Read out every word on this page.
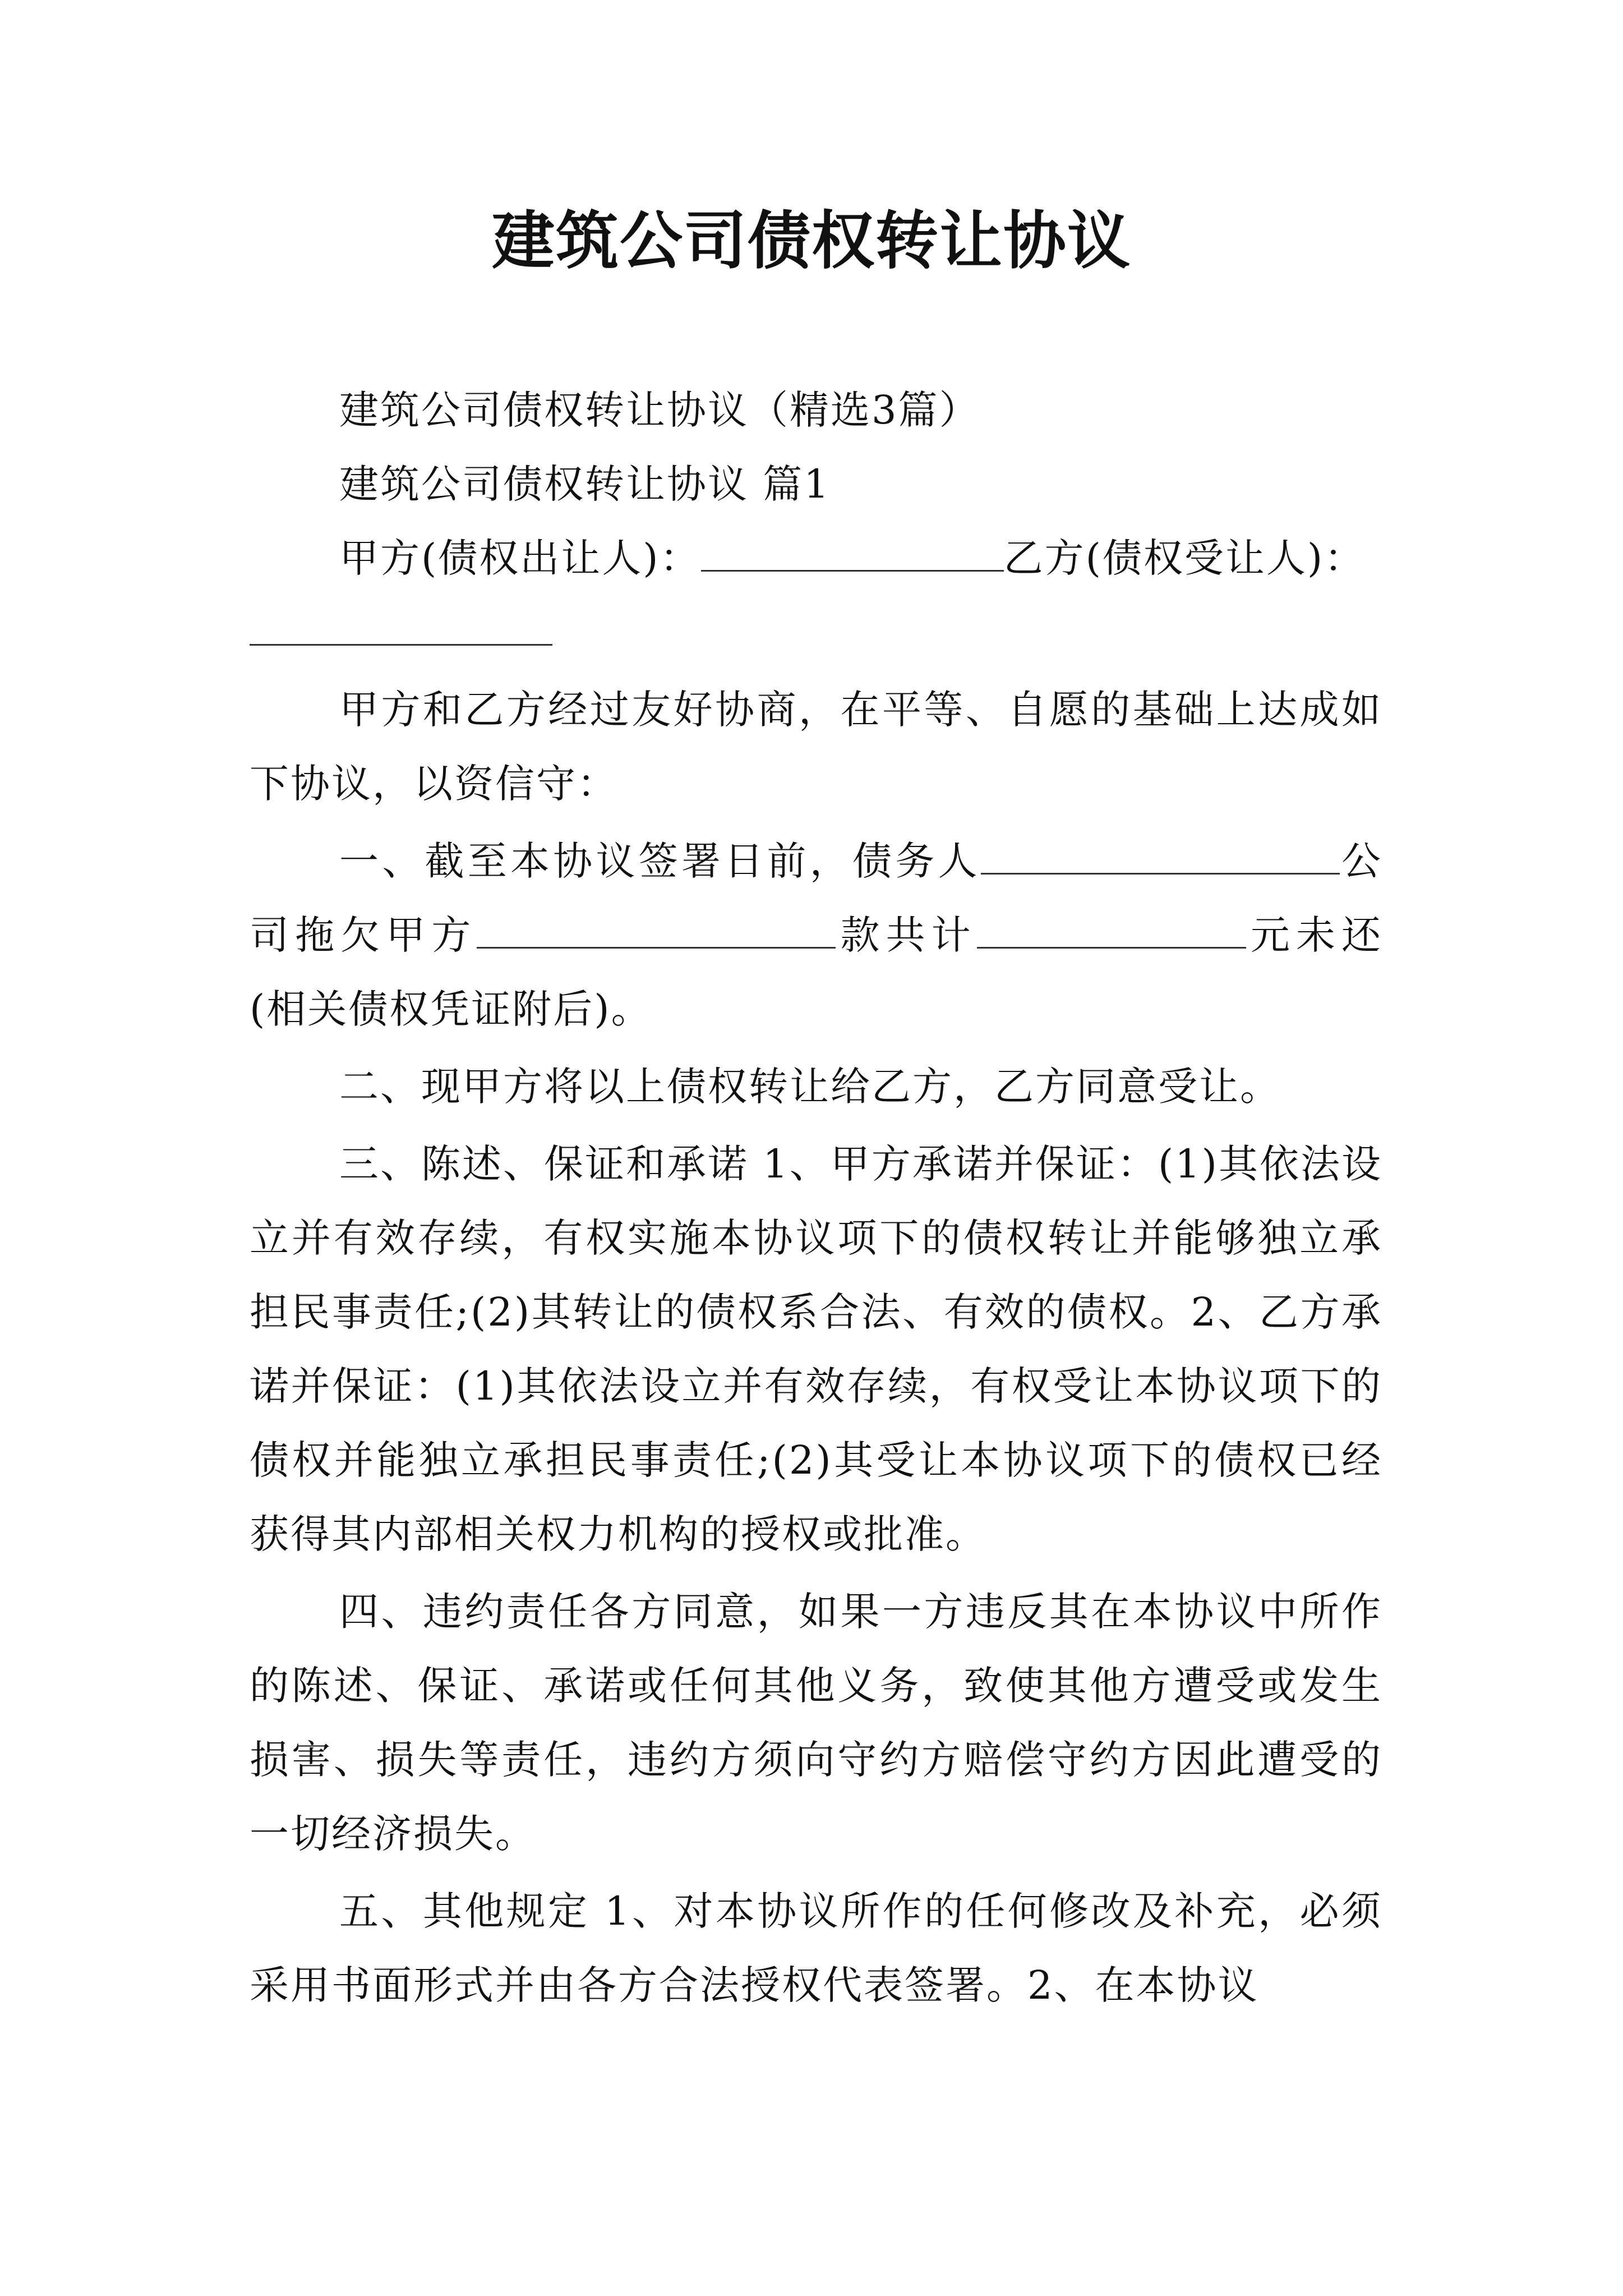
建筑公司债权转让协议
建筑公司债权转让协议（精选3篇）
建筑公司债权转让协议 篇1
甲方(债权出让人)：	乙方(债权受让人)：

甲方和乙方经过友好协商，在平等、自愿的基础上达成如下协议，以资信守：

一、截至本协议签署日前，债务人	公司拖欠甲方	款共计	元未还(相关债权凭证附后)。

二、现甲方将以上债权转让给乙方，乙方同意受让。

三、陈述、保证和承诺 1、甲方承诺并保证：(1)其依法设立并有效存续，有权实施本协议项下的债权转让并能够独立承担民事责任;(2)其转让的债权系合法、有效的债权。2、乙方承诺并保证：(1)其依法设立并有效存续，有权受让本协议项下的债权并能独立承担民事责任;(2)其受让本协议项下的债权已经获得其内部相关权力机构的授权或批准。

四、违约责任各方同意，如果一方违反其在本协议中所作的陈述、保证、承诺或任何其他义务，致使其他方遭受或发生损害、损失等责任，违约方须向守约方赔偿守约方因此遭受的一切经济损失。

五、其他规定 1、对本协议所作的任何修改及补充，必须采用书面形式并由各方合法授权代表签署。2、在本协议
